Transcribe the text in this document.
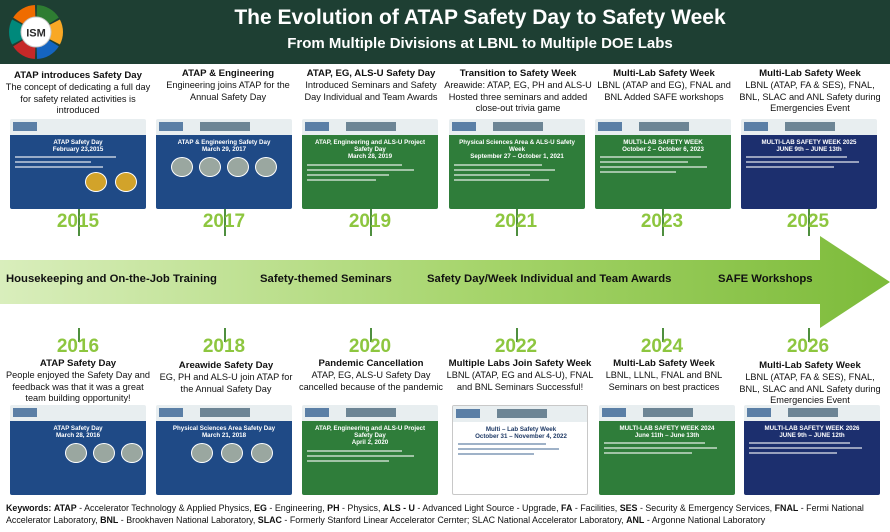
ISM
The Evolution of ATAP Safety Day to Safety Week
From Multiple Divisions at LBNL to Multiple DOE Labs
Housekeeping and On-the-Job Training	Safety-themed Seminars	Safety Day/Week Individual and Team Awards	SAFE Workshops
ATAP introduces Safety Day
The concept of dedicating a full day for safety related activities is introduced
ATAP Safety Day
February 23,2015
2015
ATAP & Engineering
Engineering joins ATAP for the Annual Safety Day
ATAP & Engineering Safety Day
March 29, 2017
2017
ATAP, EG, ALS-U Safety Day
Introduced Seminars and Safety Day Individual and Team Awards
ATAP, Engineering and ALS-U Project Safety Day
March 28, 2019
2019
Transition to Safety Week
Areawide: ATAP, EG, PH and ALS-U Hosted three seminars and added close-out trivia game
Physical Sciences Area & ALS-U Safety Week
September 27 – October 1, 2021
2021
Multi-Lab Safety Week
LBNL (ATAP and EG), FNAL and BNL Added SAFE workshops
MULTI-LAB SAFETY WEEK
October 2 – October 6, 2023
2023
Multi-Lab Safety Week
LBNL (ATAP, FA & SES), FNAL, BNL, SLAC and ANL Safety during Emergencies Event
MULTI-LAB SAFETY WEEK 2025
JUNE 9th – JUNE 13th
2025
2016
ATAP Safety Day
People enjoyed the Safety Day and feedback was that it was a great team building opportunity!
ATAP Safety Day
March 28, 2016
2018
Areawide Safety Day
EG, PH and ALS-U join ATAP for the Annual Safety Day
Physical Sciences Area Safety Day
March 21, 2018
2020
Pandemic Cancellation
ATAP, EG, ALS-U Safety Day cancelled because of the pandemic
ATAP, Engineering and ALS-U Project Safety Day
April 2, 2020
2022
Multiple Labs Join Safety Week
LBNL (ATAP, EG and ALS-U), FNAL and BNL Seminars Successful!
Multi – Lab Safety Week
October 31 – November 4, 2022
2024
Multi-Lab Safety Week
LBNL, LLNL, FNAL and BNL Seminars on best practices
MULTI-LAB SAFETY WEEK 2024
June 11th – June 13th
2026
Multi-Lab Safety Week
LBNL (ATAP, FA & SES), FNAL, BNL, SLAC and ANL Safety during Emergencies Event
MULTI-LAB SAFETY WEEK 2026
JUNE 9th – JUNE 12th
Keywords: ATAP - Accelerator Technology & Applied Physics, EG - Engineering, PH - Physics, ALS - U - Advanced Light Source - Upgrade, FA - Facilities, SES - Security & Emergency Services, FNAL - Fermi National Accelerator Laboratory, BNL - Brookhaven National Laboratory, SLAC - Formerly Stanford Linear Accelerator Cernter; SLAC National Accelerator Laboratory, ANL - Argonne National Laboratory
